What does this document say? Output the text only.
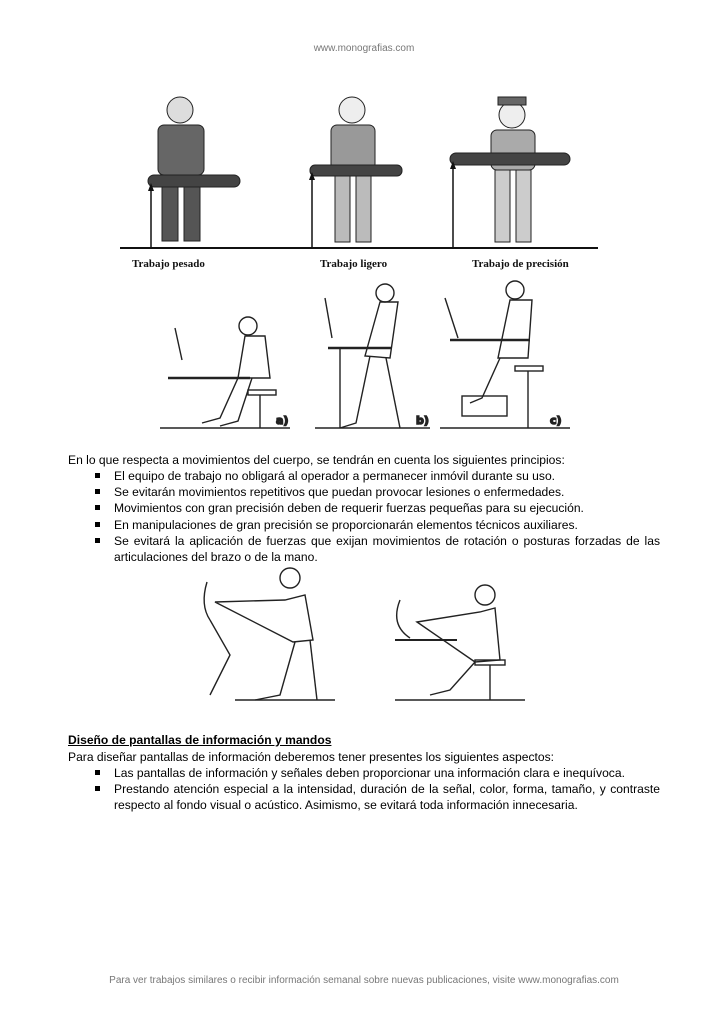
www.monografias.com
Trabajo pesado	Trabajo ligero	Trabajo de precisión
a)	b)	c)
En lo que respecta a movimientos del cuerpo, se tendrán en cuenta los siguientes principios:
El equipo de trabajo no obligará al operador a permanecer inmóvil durante su uso.
Se evitarán movimientos repetitivos que puedan provocar lesiones o enfermedades.
Movimientos con gran precisión deben de requerir fuerzas pequeñas para su ejecución.
En manipulaciones de gran precisión se proporcionarán elementos técnicos auxiliares.
Se evitará la aplicación de fuerzas que exijan movimientos de rotación o posturas forzadas de las articulaciones del brazo o de la mano.
Diseño de pantallas de información y mandos
Para diseñar pantallas de información deberemos tener presentes los siguientes aspectos:
Las pantallas de información y señales deben proporcionar una información clara e inequívoca.
Prestando atención especial a la intensidad, duración de la señal, color, forma, tamaño, y contraste respecto al fondo visual o acústico. Asimismo, se evitará toda información innecesaria.
Para ver trabajos similares o recibir información semanal sobre nuevas publicaciones, visite www.monografias.com
